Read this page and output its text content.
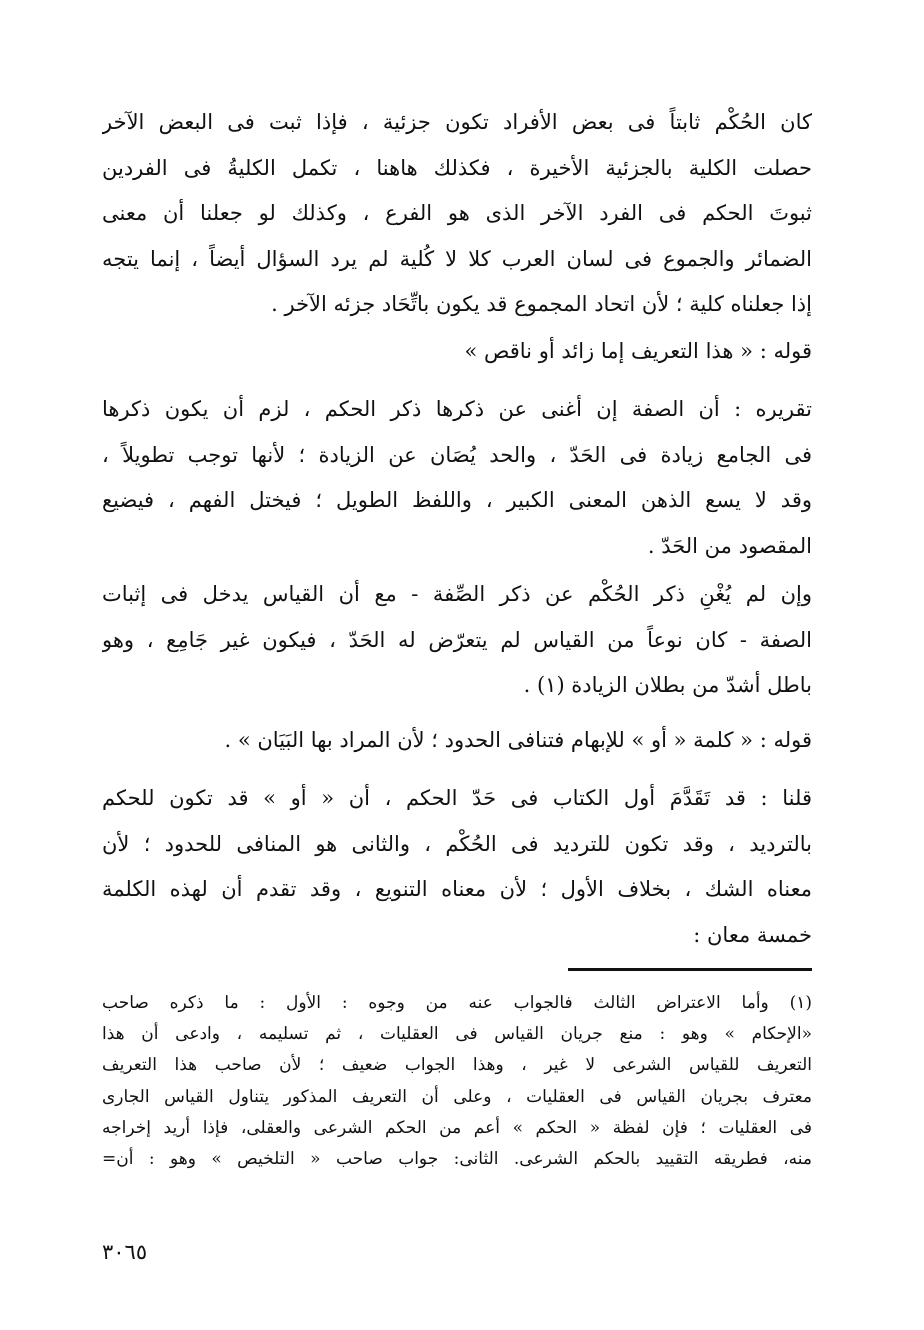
كان الحُكْم ثابتاً فى بعض الأفراد تكون جزئية ، فإذا ثبت فى البعض الآخر
حصلت الكلية بالجزئية الأخيرة ، فكذلك هاهنا ، تكمل الكليةُ فى الفردين
ثبوتَ الحكم فى الفرد الآخر الذى هو الفرع ، وكذلك لو جعلنا أن معنى
الضمائر والجموع فى لسان العرب كلا لا كُلية لم يرد السؤال أيضاً ، إنما يتجه
إذا جعلناه كلية ؛ لأن اتحاد المجموع قد يكون باتِّحَاد جزئه الآخر .
قوله : « هذا التعريف إما زائد أو ناقص »
تقريره : أن الصفة إن أغنى عن ذكرها ذكر الحكم ، لزم أن يكون ذكرها
فى الجامع زيادة فى الحَدّ ، والحد يُصَان عن الزيادة ؛ لأنها توجب تطويلاً ،
وقد لا يسع الذهن المعنى الكبير ، واللفظ الطويل ؛ فيختل الفهم ، فيضيع
المقصود من الحَدّ .
وإن لم يُغْنِ ذكر الحُكْم عن ذكر الصِّفة - مع أن القياس يدخل فى إثبات
الصفة - كان نوعاً من القياس لم يتعرّض له الحَدّ ، فيكون غير جَامِع ، وهو
باطل أشدّ من بطلان الزيادة (١) .
قوله : « كلمة « أو » للإبهام فتنافى الحدود ؛ لأن المراد بها البَيَان » .
قلنا : قد تَقَدَّمَ أول الكتاب فى حَدّ الحكم ، أن « أو » قد تكون للحكم
بالترديد ، وقد تكون للترديد فى الحُكْم ، والثانى هو المنافى للحدود ؛ لأن
معناه الشك ، بخلاف الأول ؛ لأن معناه التنويع ، وقد تقدم أن لهذه الكلمة
خمسة معان :
(١) وأما الاعتراض الثالث فالجواب عنه من وجوه : الأول : ما ذكره صاحب
«الإحكام » وهو : منع جريان القياس فى العقليات ، ثم تسليمه ، وادعى أن هذا
التعريف للقياس الشرعى لا غير ، وهذا الجواب ضعيف ؛ لأن صاحب هذا التعريف
معترف بجريان القياس فى العقليات ، وعلى أن التعريف المذكور يتناول القياس الجارى
فى العقليات ؛ فإن لفظة « الحكم » أعم من الحكم الشرعى والعقلى، فإذا أريد إخراجه
منه، فطريقه التقييد بالحكم الشرعى. الثانى: جواب صاحب « التلخيص » وهو : أن=
٣٠٦٥
